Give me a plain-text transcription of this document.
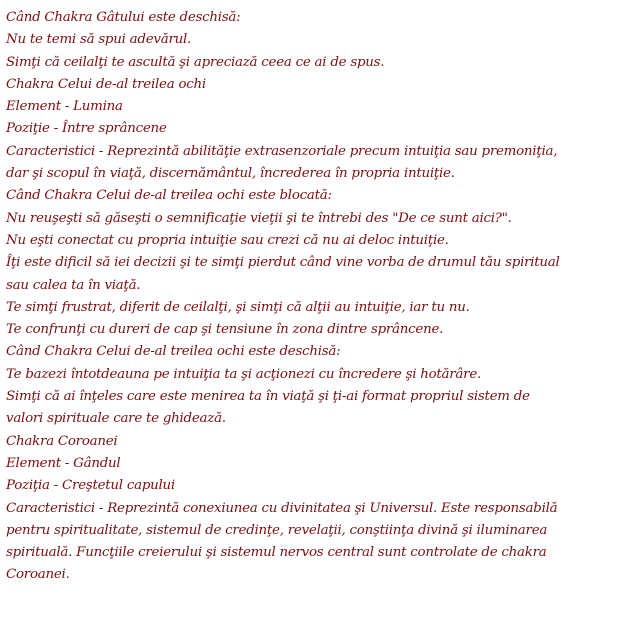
Când Chakra Gâtului este deschisă:
Nu te temi să spui adevărul.
Simţi că ceilalţi te ascultă şi apreciază ceea ce ai de spus.
Chakra Celui de-al treilea ochi
Element - Lumina
Poziţie - Între sprâncene
Caracteristici - Reprezintă abilităţie extrasenzoriale precum intuiţia sau premoniţia,
dar şi scopul în viaţă, discernământul, încrederea în propria intuiţie.
Când Chakra Celui de-al treilea ochi este blocată:
Nu reuşeşti să găseşti o semnificaţie vieţii şi te întrebi des "De ce sunt aici?".
Nu eşti conectat cu propria intuiţie sau crezi că nu ai deloc intuiţie.
Îţi este dificil să iei decizii şi te simţi pierdut când vine vorba de drumul tău spiritual
sau calea ta în viaţă.
Te simţi frustrat, diferit de ceilalţi, şi simţi că alţii au intuiţie, iar tu nu.
Te confrunţi cu dureri de cap şi tensiune în zona dintre sprâncene.
Când Chakra Celui de-al treilea ochi este deschisă:
Te bazezi întotdeauna pe intuiţia ta şi acţionezi cu încredere şi hotărâre.
Simţi că ai înţeles care este menirea ta în viaţă şi ţi-ai format propriul sistem de
valori spirituale care te ghidează.
Chakra Coroanei
Element - Gândul
Poziţia - Creştetul capului
Caracteristici - Reprezintă conexiunea cu divinitatea şi Universul. Este responsabilă
pentru spiritualitate, sistemul de credinţe, revelaţii, conştiinţa divină şi iluminarea
spirituală. Funcţiile creierului şi sistemul nervos central sunt controlate de chakra
Coroanei.
